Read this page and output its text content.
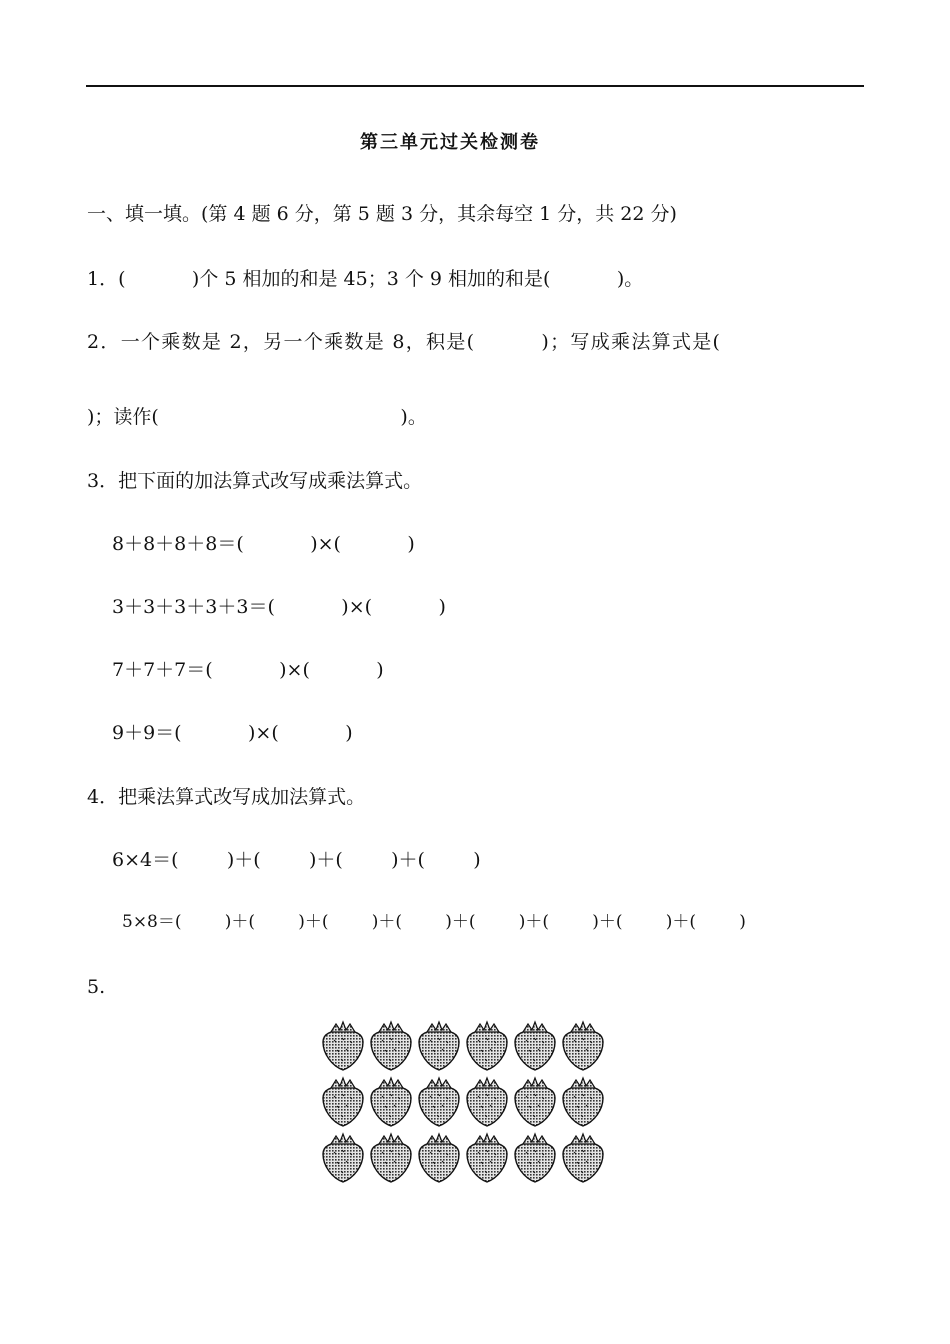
第三单元过关检测卷
一、填一填。(第 4 题 6 分，第 5 题 3 分，其余每空 1 分，共 22 分)
1．(           )个 5 相加的和是 45；3 个 9 相加的和是(           )。
2．一个乘数是 2，另一个乘数是 8，积是(         )；写成乘法算式是(
)；读作(                                        )。
3．把下面的加法算式改写成乘法算式。
8＋8＋8＋8＝(           )×(           )
3＋3＋3＋3＋3＝(           )×(           )
7＋7＋7＝(           )×(           )
9＋9＝(           )×(           )
4．把乘法算式改写成加法算式。
6×4＝(        )＋(        )＋(        )＋(        )
5×8＝(        )＋(        )＋(        )＋(        )＋(        )＋(        )＋(        )＋(        )
5.
